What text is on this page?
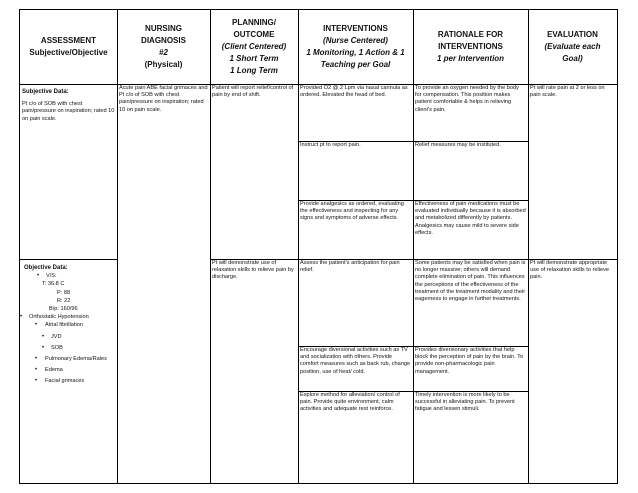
ASSESSMENT
Subjective/Objective
NURSING
DIAGNOSIS
#2
(Physical)
PLANNING/
OUTCOME
(Client Centered)
1 Short Term
1 Long Term
INTERVENTIONS
(Nurse Centered)
1 Monitoring, 1 Action & 1
Teaching per Goal
RATIONALE FOR
INTERVENTIONS
1 per Intervention
EVALUATION
(Evaluate each
Goal)

Subjective Data:

Pt c/o of SOB with chest pain/pressure on inspiration; rated 10 on pain scale.

Objective Data:

• V/S:
T: 36.8 C
P: 88
R: 22
B/p: 160/96
• Orthostatic Hypotension
• Atrial fibrillation
• JVD
• SOB
• Pulmonary Edema/Rales
• Edema
• Facial grimaces

Acute pain ABE facial grimaces and Pt c/o of SOB with chest pain/pressure on inspiration; rated 10 on pain scale.

Patient will report relief/control of pain by end of shift.

Pt will demonstrate use of relaxation skills to relieve pain by discharge.

Provided O2 @ 2 Lpm via nasal cannula as ordered. Elevated the head of bed.

Instruct pt to report pain.

Provide analgesics as ordered, evaluating the effectiveness and inspecting for any signs and symptoms of adverse effects.

Assess the patient's anticipation for pain relief.

Encourage diversional activities such as TV and socialization with others. Provide comfort measures such as back rub, change position, use of heat/ cold.

Explore method for alleviation/ control of pain. Provide quite environment, calm activities and adequate rest reinforce.

To provide an oxygen needed by the body for compensation. This position makes patient comfortable & helps in relieving client's pain.

Relief measures may be instituted.

Effectiveness of pain medications must be evaluated individually because it is absorbed and metabolized differently by patients. Analgesics may cause mild to severe side effects.

Some patients may be satisfied when pain is no longer massive; others will demand complete elimination of pain. This influences the perceptions of the effectiveness of the treatment of the treatment modality and their eagerness to engage in further treatments.

Provides diversionary activities that help block the perception of pain by the brain. To provide non-pharmacologic pain management.

Timely intervention is more likely to be successful in alleviating pain. To prevent fatigue and lessen stimuli.

Pt will rate pain at 2 or less on pain scale.

Pt will demonstrate appropriate use of relaxation skills to relieve pain.
